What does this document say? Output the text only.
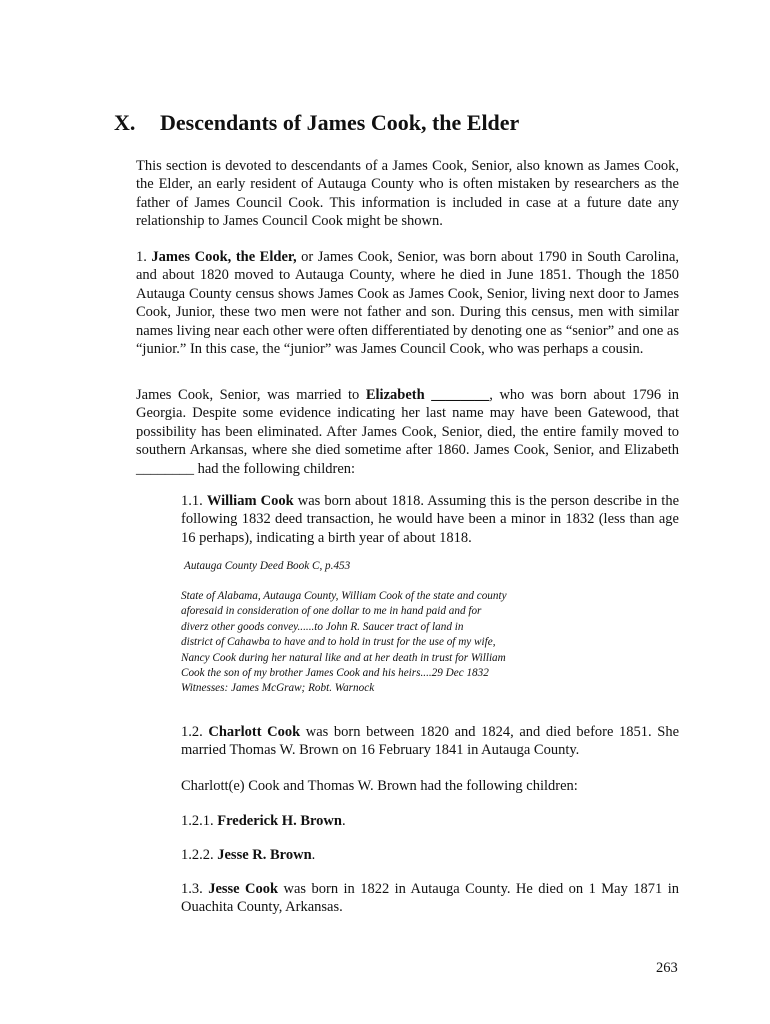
X. Descendants of James Cook, the Elder

This section is devoted to descendants of a James Cook, Senior, also known as James Cook, the Elder, an early resident of Autauga County who is often mistaken by researchers as the father of James Council Cook. This information is included in case at a future date any relationship to James Council Cook might be shown.

1. James Cook, the Elder, or James Cook, Senior, was born about 1790 in South Carolina, and about 1820 moved to Autauga County, where he died in June 1851. Though the 1850 Autauga County census shows James Cook as James Cook, Senior, living next door to James Cook, Junior, these two men were not father and son. During this census, men with similar names living near each other were often differentiated by denoting one as “senior” and one as “junior.” In this case, the “junior” was James Council Cook, who was perhaps a cousin.

James Cook, Senior, was married to Elizabeth ________, who was born about 1796 in Georgia. Despite some evidence indicating her last name may have been Gatewood, that possibility has been eliminated. After James Cook, Senior, died, the entire family moved to southern Arkansas, where she died sometime after 1860. James Cook, Senior, and Elizabeth ________ had the following children:

1.1. William Cook was born about 1818. Assuming this is the person describe in the following 1832 deed transaction, he would have been a minor in 1832 (less than age 16 perhaps), indicating a birth year of about 1818.

Autauga County Deed Book C, p.453

State of Alabama, Autauga County, William Cook of the state and county
aforesaid in consideration of one dollar to me in hand paid and for
diverz other goods convey......to John R. Saucer tract of land in
district of Cahawba to have and to hold in trust for the use of my wife,
Nancy Cook during her natural like and at her death in trust for William
Cook the son of my brother James Cook and his heirs....29 Dec 1832
Witnesses: James McGraw; Robt. Warnock

1.2. Charlott Cook was born between 1820 and 1824, and died before 1851. She married Thomas W. Brown on 16 February 1841 in Autauga County.

Charlott(e) Cook and Thomas W. Brown had the following children:

1.2.1. Frederick H. Brown.

1.2.2. Jesse R. Brown.

1.3. Jesse Cook was born in 1822 in Autauga County. He died on 1 May 1871 in Ouachita County, Arkansas.

263
